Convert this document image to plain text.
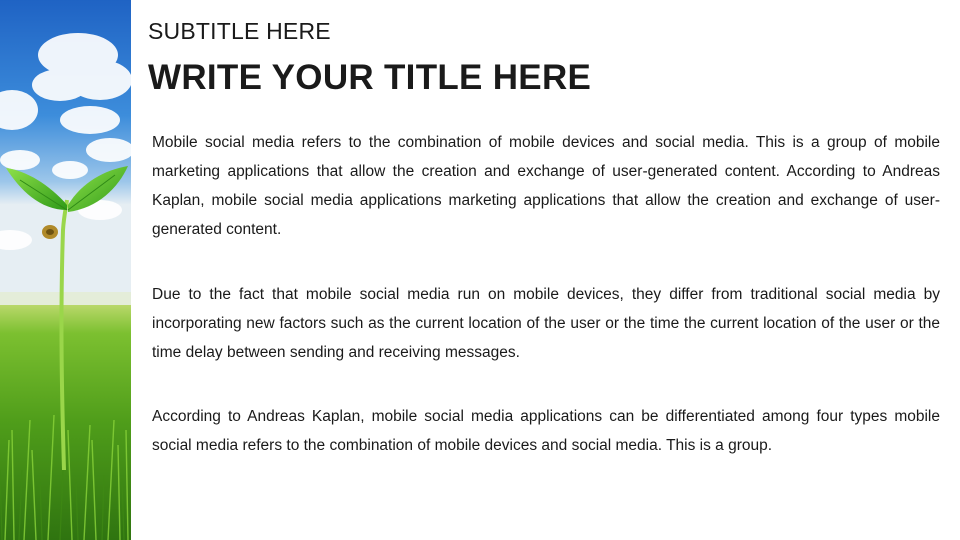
SUBTITLE HERE
WRITE YOUR TITLE HERE

Mobile social media refers to the combination of mobile devices and social media. This is a group of mobile marketing applications that allow the creation and exchange of user-generated content. According to Andreas Kaplan, mobile social media applications marketing applications that allow the creation and exchange of user-generated content.

Due to the fact that mobile social media run on mobile devices, they differ from traditional social media by incorporating new factors such as the current location of the user or the time the current location of the user or the time delay between sending and receiving messages.

According to Andreas Kaplan, mobile social media applications can be differentiated among four types mobile social media refers to the combination of mobile devices and social media. This is a group.
